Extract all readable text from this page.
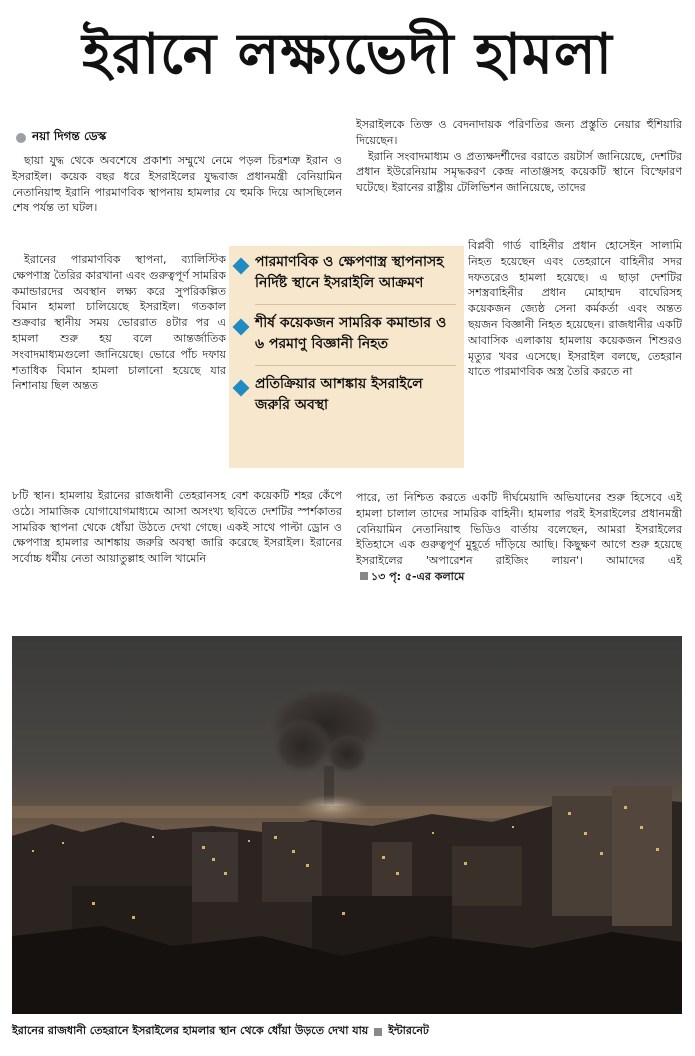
ইরানে লক্ষ্যভেদী হামলা
নয়া দিগন্ত ডেস্ক

ছায়া যুদ্ধ থেকে অবশেষে প্রকাশ্য সম্মুখে নেমে পড়ল চিরশত্রু ইরান ও ইসরাইল। কয়েক বছর ধরে ইসরাইলের যুদ্ধবাজ প্রধানমন্ত্রী বেনিয়ামিন নেতানিয়াহু ইরানি পারমাণবিক স্থাপনায় হামলার যে হুমকি দিয়ে আসছিলেন শেষ পর্যন্ত তা ঘটল।

ইরানের পারমাণবিক স্থাপনা, ব্যালিস্টিক ক্ষেপণাস্ত্র তৈরির কারখানা এবং গুরুত্বপূর্ণ সামরিক কমান্ডারদের অবস্থান লক্ষ্য করে সুপরিকল্পিত বিমান হামলা চালিয়েছে ইসরাইল। গতকাল শুক্রবার স্থানীয় সময় ভোররাত ৪টার পর এ হামলা শুরু হয় বলে আন্তর্জাতিক সংবাদমাধ্যমগুলো জানিয়েছে। ভোরে পাঁচ দফায় শতাধিক বিমান হামলা চালানো হয়েছে যার নিশানায় ছিল অন্তত

৮টি স্থান। হামলায় ইরানের রাজধানী তেহরানসহ বেশ কয়েকটি শহর কেঁপে ওঠে। সামাজিক যোগাযোগমাধ্যমে আসা অসংখ্য ছবিতে দেশটির স্পর্শকাতর সামরিক স্থাপনা থেকে ধোঁয়া উঠতে দেখা গেছে। একই সাথে পাল্টা ড্রোন ও ক্ষেপণাস্ত্র হামলার আশঙ্কায় জরুরি অবস্থা জারি করেছে ইসরাইল। ইরানের সর্বোচ্চ ধর্মীয় নেতা আয়াতুল্লাহ আলি খামেনি

ইসরাইলকে তিক্ত ও বেদনাদায়ক পরিণতির জন্য প্রস্তুতি নেয়ার হুঁশিয়ারি দিয়েছেন।

ইরানি সংবাদমাধ্যম ও প্রত্যক্ষদর্শীদের বরাতে রয়টার্স জানিয়েছে, দেশটির প্রধান ইউরেনিয়াম সমৃদ্ধকরণ কেন্দ্র নাতাঞ্জসহ কয়েকটি স্থানে বিস্ফোরণ ঘটেছে। ইরানের রাষ্ট্রীয় টেলিভিশন জানিয়েছে, তাদের

বিপ্লবী গার্ড বাহিনীর প্রধান হোসেইন সালামি নিহত হয়েছেন এবং তেহরানে বাহিনীর সদর দফতরেও হামলা হয়েছে। এ ছাড়া দেশটির সশস্ত্রবাহিনীর প্রধান মোহাম্মদ বাঘেরিসহ কয়েকজন জ্যেষ্ঠ সেনা কর্মকর্তা এবং অন্তত ছয়জন বিজ্ঞানী নিহত হয়েছেন। রাজধানীর একটি আবাসিক এলাকায় হামলায় কয়েকজন শিশুরও মৃত্যুর খবর এসেছে। ইসরাইল বলছে, তেহরান যাতে পারমাণবিক অস্ত্র তৈরি করতে না

পারে, তা নিশ্চিত করতে একটি দীর্ঘমেয়াদি অভিযানের শুরু হিসেবে এই হামলা চালাল তাদের সামরিক বাহিনী। হামলার পরই ইসরাইলের প্রধানমন্ত্রী বেনিয়ামিন নেতানিয়াহু ভিডিও বার্তায় বলেছেন, আমরা ইসরাইলের ইতিহাসে এক গুরুত্বপূর্ণ মুহূর্তে দাঁড়িয়ে আছি। কিছুক্ষণ আগে শুরু হয়েছে ইসরাইলের 'অপারেশন রাইজিং লায়ন'। আমাদের এই১৩ পৃ: ৫-এর কলামে

পারমাণবিক ও ক্ষেপণাস্ত্র স্থাপনাসহ নির্দিষ্ট স্থানে ইসরাইলি আক্রমণ
শীর্ষ কয়েকজন সামরিক কমান্ডার ও ৬ পরমাণু বিজ্ঞানী নিহত
প্রতিক্রিয়ার আশঙ্কায় ইসরাইলে জরুরি অবস্থা
ইরানের রাজধানী তেহরানে ইসরাইলের হামলার স্থান থেকে ধোঁয়া উড়তে দেখা যায় ইন্টারনেট
